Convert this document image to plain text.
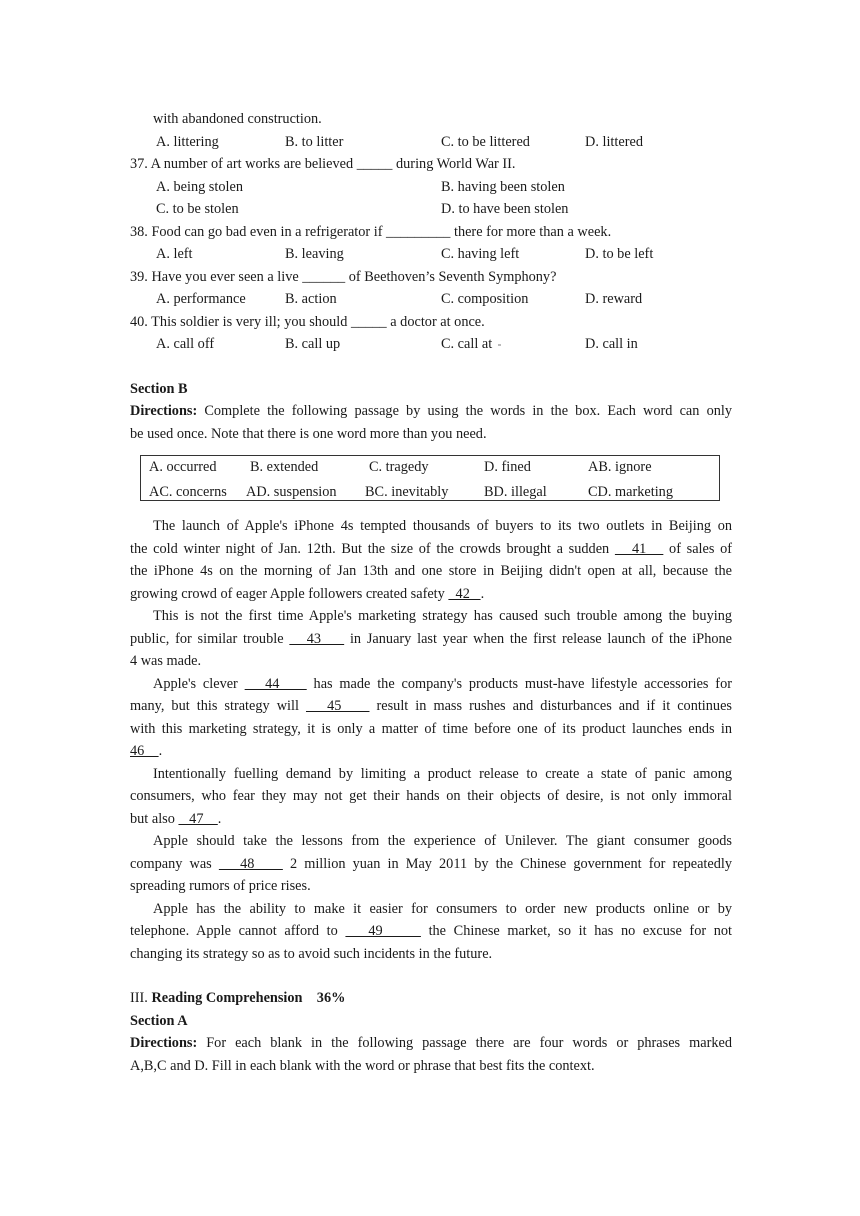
with abandoned construction.
A. littering	B. to litter	C. to be littered	D. littered
37. A number of art works are believed _____ during World War II.
A. being stolen	B. having been stolen
C. to be stolen	D. to have been stolen
38. Food can go bad even in a refrigerator if _________ there for more than a week.
A. left	B. leaving	C. having left	D. to be left
39. Have you ever seen a live ______ of Beethoven’s Seventh Symphony?
A. performance	B. action	C. composition	D. reward
40. This soldier is very ill; you should _____ a doctor at once.
A. call off	B. call up	C. call at	D. call in
Section B
Directions: Complete the following passage by using the words in the box. Each word can only
be used once. Note that there is one word more than you need.
A. occurred B. extended	C. tragedy	D. fined	AB. ignore
AC. concerns AD. suspension BC. inevitably BD. illegal	CD. marketing
The launch of Apple's iPhone 4s tempted thousands of buyers to its two outlets in Beijing on
the cold winter night of Jan. 12th. But the size of the crowds brought a sudden    41    of sales of
the iPhone 4s on the morning of Jan 13th and one store in Beijing didn't open at all, because the
growing crowd of eager Apple followers created safety   42   .
This is not the first time Apple's marketing strategy has caused such trouble among the buying
public, for similar trouble    43     in January last year when the first release launch of the iPhone
4 was made.
Apple's clever    44     has made the company's products must-have lifestyle accessories for
many, but this strategy will    45     result in mass rushes and disturbances and if it continues
with this marketing strategy, it is only a matter of time before one of its product launches ends in
46    .
Intentionally fuelling demand by limiting a product release to create a state of panic among
consumers, who fear they may not get their hands on their objects of desire, is not only immoral
but also    47    .
Apple should take the lessons from the experience of Unilever. The giant consumer goods
company was    48     2 million yuan in May 2011 by the Chinese government for repeatedly
spreading rumors of price rises.
Apple has the ability to make it easier for consumers to order new products online or by
telephone. Apple cannot afford to    49      the Chinese market, so it has no excuse for not
changing its strategy so as to avoid such incidents in the future.
III. Reading Comprehension    36%
Section A
Directions: For each blank in the following passage there are four words or phrases marked
A,B,C and D. Fill in each blank with the word or phrase that best fits the context.
